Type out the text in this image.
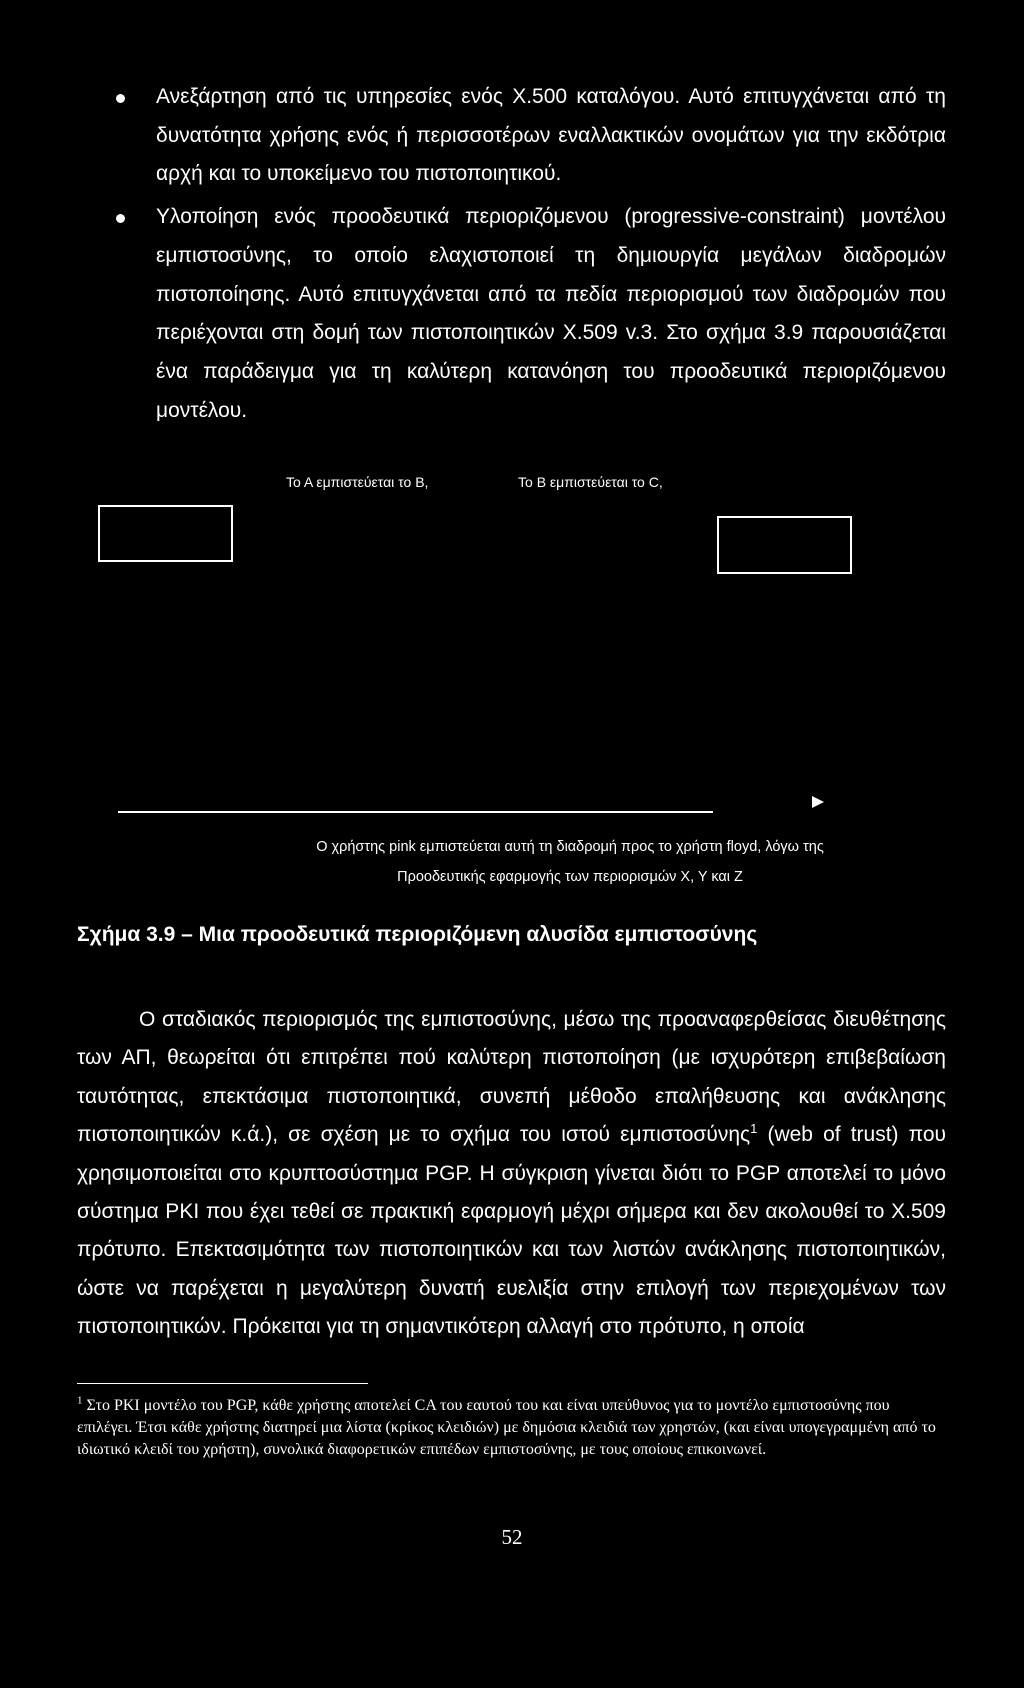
Ανεξάρτηση από τις υπηρεσίες ενός Χ.500 καταλόγου. Αυτό επιτυγχάνεται από τη δυνατότητα χρήσης ενός ή περισσοτέρων εναλλακτικών ονομάτων για την εκδότρια αρχή και το υποκείμενο του πιστοποιητικού.
Υλοποίηση ενός προοδευτικά περιοριζόμενου (progressive-constraint) μοντέλου εμπιστοσύνης, το οποίο ελαχιστοποιεί τη δημιουργία μεγάλων διαδρομών πιστοποίησης. Αυτό επιτυγχάνεται από τα πεδία περιορισμού των διαδρομών που περιέχονται στη δομή των πιστοποιητικών Χ.509 v.3. Στο σχήμα 3.9 παρουσιάζεται ένα παράδειγμα για τη καλύτερη κατανόηση του προοδευτικά περιοριζόμενου μοντέλου.
Το Α εμπιστεύεται το Β,	Το Β εμπιστεύεται το C,
Ο χρήστης pink εμπιστεύεται αυτή τη διαδρομή προς το χρήστη floyd, λόγω της
Προοδευτικής εφαρμογής των περιορισμών Χ, Υ και Ζ
Σχήμα 3.9 – Μια προοδευτικά περιοριζόμενη αλυσίδα εμπιστοσύνης

Ο σταδιακός περιορισμός της εμπιστοσύνης, μέσω της προαναφερθείσας διευθέτησης των ΑΠ, θεωρείται ότι επιτρέπει πού καλύτερη πιστοποίηση (με ισχυρότερη επιβεβαίωση ταυτότητας, επεκτάσιμα πιστοποιητικά, συνεπή μέθοδο επαλήθευσης και ανάκλησης πιστοποιητικών κ.ά.), σε σχέση με το σχήμα του ιστού εμπιστοσύνης$^1$ (web of trust) που χρησιμοποιείται στο κρυπτοσύστημα PGP. Η σύγκριση γίνεται διότι το PGP αποτελεί το μόνο σύστημα PKI που έχει τεθεί σε πρακτική εφαρμογή μέχρι σήμερα και δεν ακολουθεί το Χ.509 πρότυπο. Επεκτασιμότητα των πιστοποιητικών και των λιστών ανάκλησης πιστοποιητικών, ώστε να παρέχεται η μεγαλύτερη δυνατή ευελιξία στην επιλογή των περιεχομένων των πιστοποιητικών. Πρόκειται για τη σημαντικότερη αλλαγή στο πρότυπο, η οποία

$^1$ Στο PKI μοντέλο του PGP, κάθε χρήστης αποτελεί CA του εαυτού του και είναι υπεύθυνος για το μοντέλο εμπιστοσύνης που επιλέγει. Έτσι κάθε χρήστης διατηρεί μια λίστα (κρίκος κλειδιών) με δημόσια κλειδιά των χρηστών, (και είναι υπογεγραμμένη από το ιδιωτικό κλειδί του χρήστη), συνολικά διαφορετικών επιπέδων εμπιστοσύνης, με τους οποίους επικοινωνεί.

52
